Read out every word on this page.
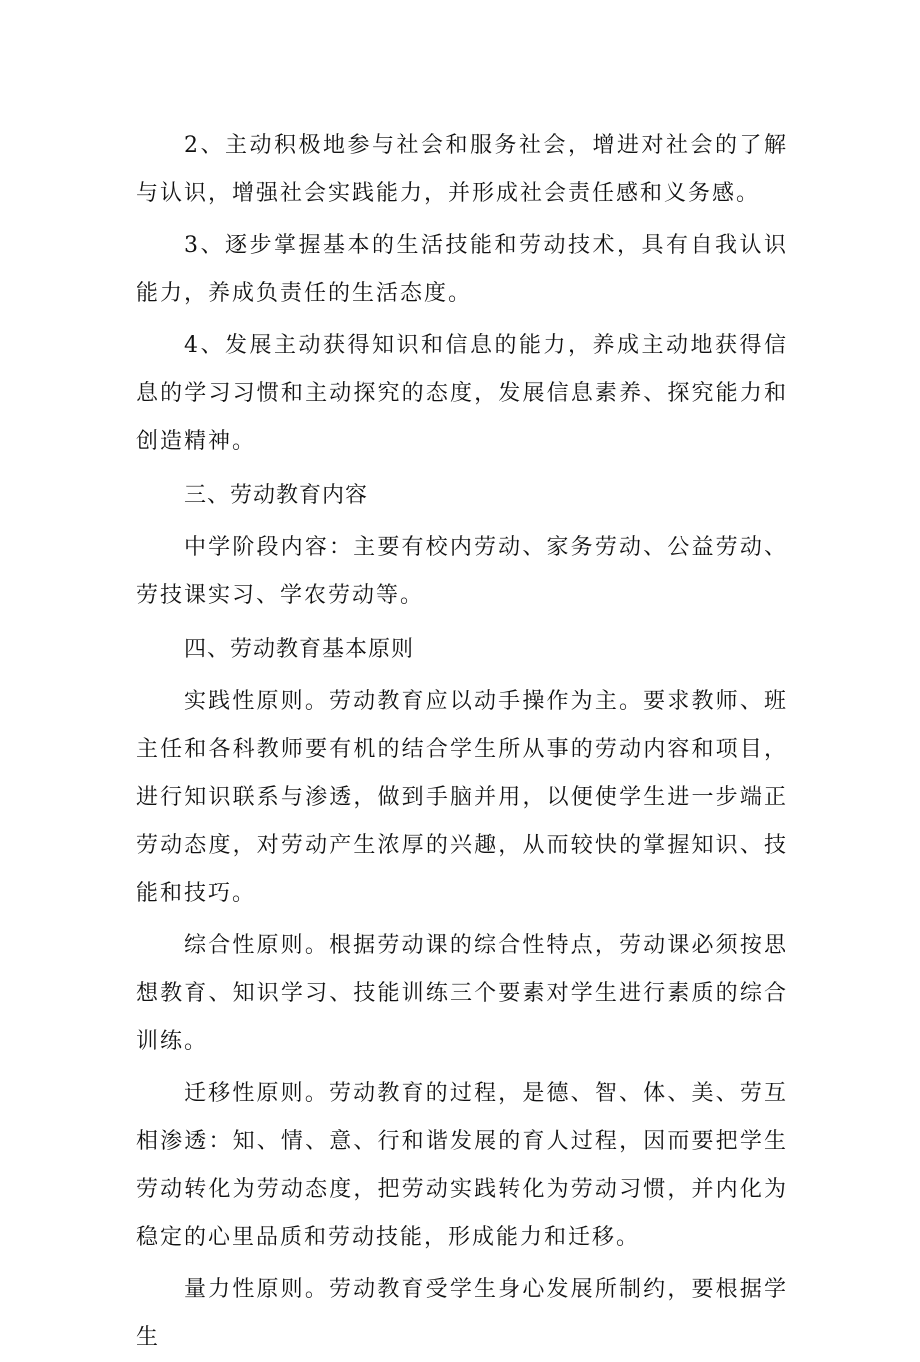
2、主动积极地参与社会和服务社会，增进对社会的了解与认识，增强社会实践能力，并形成社会责任感和义务感。

3、逐步掌握基本的生活技能和劳动技术，具有自我认识能力，养成负责任的生活态度。

4、发展主动获得知识和信息的能力，养成主动地获得信息的学习习惯和主动探究的态度，发展信息素养、探究能力和创造精神。

三、劳动教育内容

中学阶段内容：主要有校内劳动、家务劳动、公益劳动、劳技课实习、学农劳动等。

四、劳动教育基本原则

实践性原则。劳动教育应以动手操作为主。要求教师、班主任和各科教师要有机的结合学生所从事的劳动内容和项目，进行知识联系与渗透，做到手脑并用，以便使学生进一步端正劳动态度，对劳动产生浓厚的兴趣，从而较快的掌握知识、技能和技巧。

综合性原则。根据劳动课的综合性特点，劳动课必须按思想教育、知识学习、技能训练三个要素对学生进行素质的综合训练。

迁移性原则。劳动教育的过程，是德、智、体、美、劳互相渗透：知、情、意、行和谐发展的育人过程，因而要把学生劳动转化为劳动态度，把劳动实践转化为劳动习惯，并内化为稳定的心里品质和劳动技能，形成能力和迁移。

量力性原则。劳动教育受学生身心发展所制约，要根据学生
